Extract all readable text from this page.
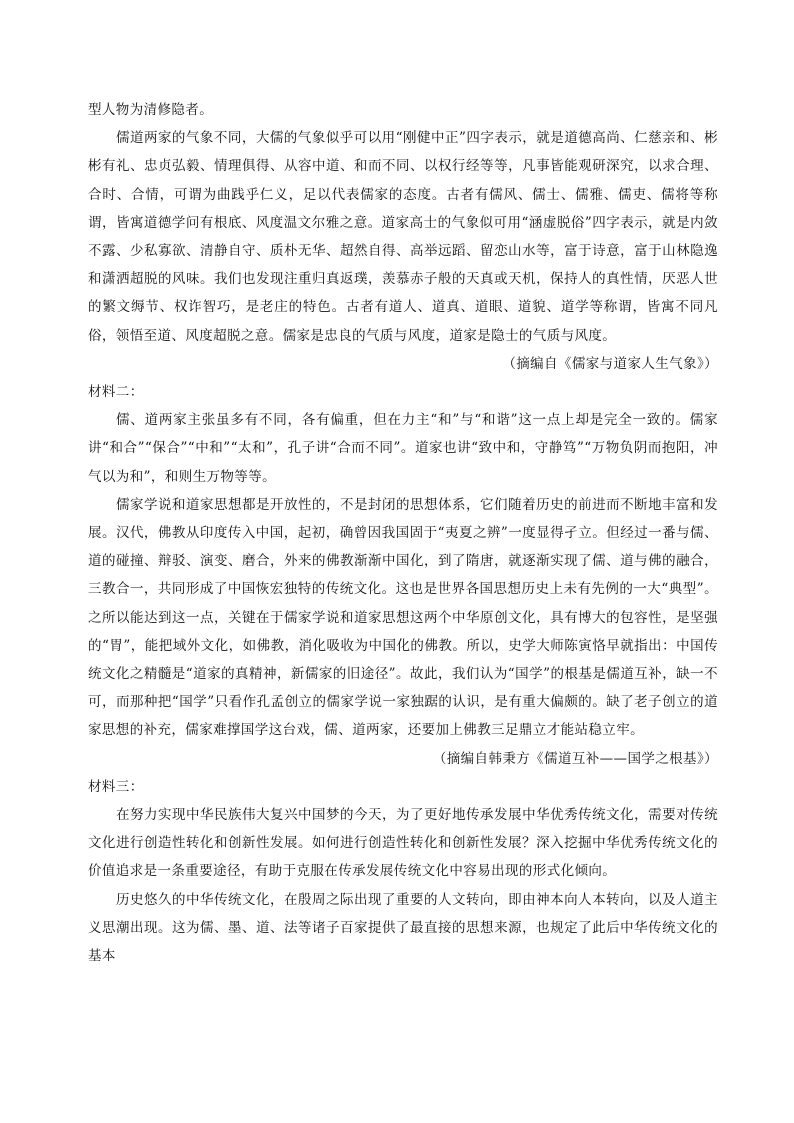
型人物为清修隐者。

儒道两家的气象不同，大儒的气象似乎可以用“刚健中正”四字表示，就是道德高尚、仁慈亲和、彬彬有礼、忠贞弘毅、情理俱得、从容中道、和而不同、以权行经等等，凡事皆能观研深究，以求合理、合时、合情，可谓为曲践乎仁义，足以代表儒家的态度。古者有儒风、儒士、儒雅、儒吏、儒将等称谓，皆寓道德学问有根底、风度温文尔雅之意。道家高士的气象似可用“涵虚脱俗”四字表示，就是内敛不露、少私寡欲、清静自守、质朴无华、超然自得、高举远蹈、留恋山水等，富于诗意，富于山林隐逸和潇洒超脱的风味。我们也发现注重归真返璞，羡慕赤子般的天真或天机，保持人的真性情，厌恶人世的繁文缛节、权诈智巧，是老庄的特色。古者有道人、道真、道眼、道貌、道学等称谓，皆寓不同凡俗，领悟至道、风度超脱之意。儒家是忠良的气质与风度，道家是隐士的气质与风度。

（摘编自《儒家与道家人生气象》）

材料二：

儒、道两家主张虽多有不同，各有偏重，但在力主“和”与“和谐”这一点上却是完全一致的。儒家讲“和合”“保合”“中和”“太和”，孔子讲“合而不同”。道家也讲“致中和，守静笃”“万物负阴而抱阳，冲气以为和”，和则生万物等等。

儒家学说和道家思想都是开放性的，不是封闭的思想体系，它们随着历史的前进而不断地丰富和发展。汉代，佛教从印度传入中国，起初，确曾因我国固于“夷夏之辨”一度显得孑立。但经过一番与儒、道的碰撞、辩驳、演变、磨合，外来的佛教渐渐中国化，到了隋唐，就逐渐实现了儒、道与佛的融合，三教合一，共同形成了中国恢宏独特的传统文化。这也是世界各国思想历史上未有先例的一大“典型”。之所以能达到这一点，关键在于儒家学说和道家思想这两个中华原创文化，具有博大的包容性，是坚强的“胃”，能把域外文化，如佛教，消化吸收为中国化的佛教。所以，史学大师陈寅恪早就指出：中国传统文化之精髓是“道家的真精神，新儒家的旧途径”。故此，我们认为“国学”的根基是儒道互补，缺一不可，而那种把“国学”只看作孔孟创立的儒家学说一家独踞的认识，是有重大偏颇的。缺了老子创立的道家思想的补充，儒家难撑国学这台戏，儒、道两家，还要加上佛教三足鼎立才能站稳立牢。

（摘编自韩秉方《儒道互补——国学之根基》）

材料三：

在努力实现中华民族伟大复兴中国梦的今天，为了更好地传承发展中华优秀传统文化，需要对传统文化进行创造性转化和创新性发展。如何进行创造性转化和创新性发展？深入挖掘中华优秀传统文化的价值追求是一条重要途径，有助于克服在传承发展传统文化中容易出现的形式化倾向。

历史悠久的中华传统文化，在殷周之际出现了重要的人文转向，即由神本向人本转向，以及人道主义思潮出现。这为儒、墨、道、法等诸子百家提供了最直接的思想来源，也规定了此后中华传统文化的基本
